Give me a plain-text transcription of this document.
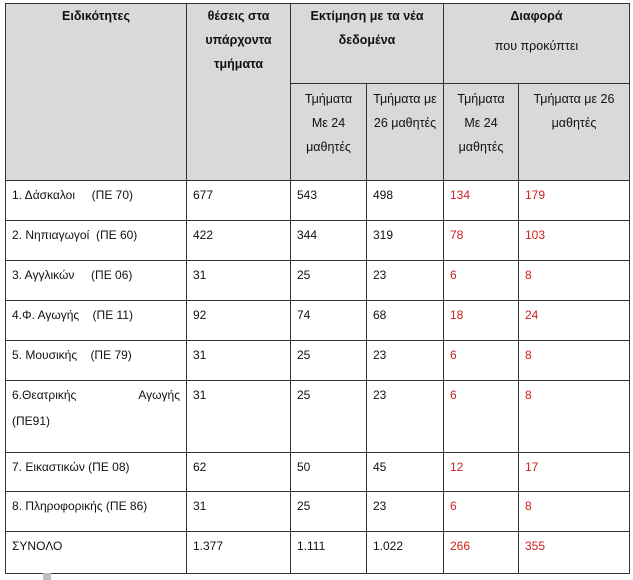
Ειδικότητες	θέσεις στα υπάρχοντα τμήματα	Εκτίμηση με τα νέα δεδομένα		Διαφορά
που προκύπτει	

		Τμήματα Με 24 μαθητές	Τμήματα με 26 μαθητές	Τμήματα Με 24 μαθητές	Τμήματα με 26 μαθητές
1. Δάσκαλοι     (ΠΕ 70)	677	543	498	134	179
2. Νηπιαγωγοί  (ΠΕ 60)	422	344	319	78	103
3. Αγγλικών     (ΠΕ 06)	31	25	23	6	8
4.Φ. Αγωγής    (ΠΕ 11)	92	74	68	18	24
5. Μουσικής    (ΠΕ 79)	31	25	23	6	8

6.Θεατρικής Αγωγής
(ΠΕ91)	31	25	23	6	8
7. Εικαστικών (ΠΕ 08)	62	50	45	12	17
8. Πληροφορικής (ΠΕ 86)	31	25	23	6	8
ΣΥΝΟΛΟ	1.377	1.111	1.022	266	355
